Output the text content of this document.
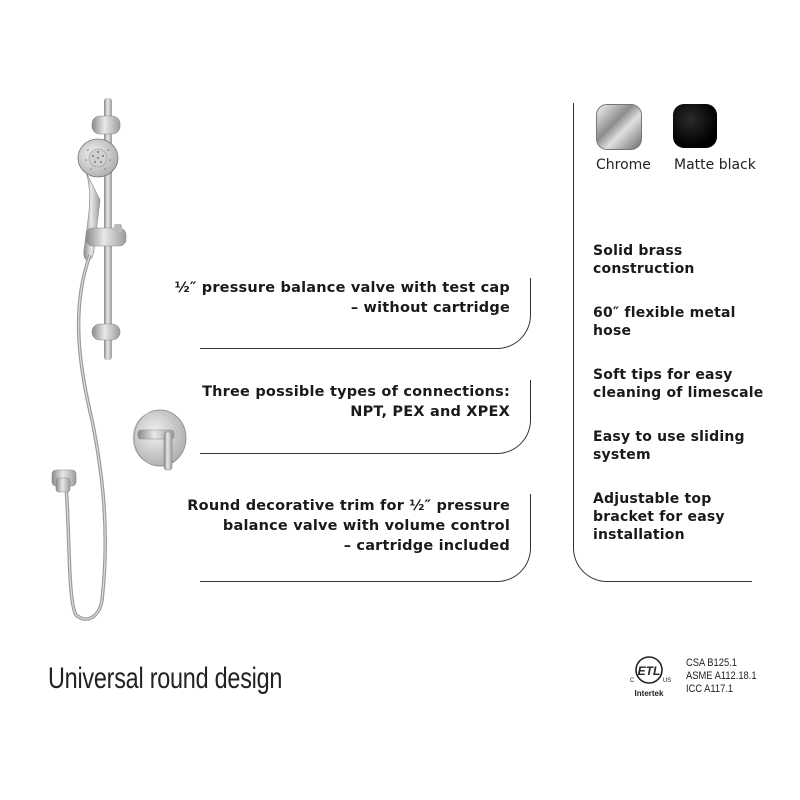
½″ pressure balance valve with test cap
– without cartridge
Three possible types of connections:
NPT, PEX and XPEX
Round decorative trim for ½″ pressure
balance valve with volume control
– cartridge included
Chrome Matte black
Solid brass
construction
60″ flexible metal
hose
Soft tips for easy
cleaning of limescale
Easy to use sliding
system
Adjustable top
bracket for easy
installation
Universal round design	ETL
C	US
Intertek
CSA B125.1
ASME A112.18.1
ICC A117.1
